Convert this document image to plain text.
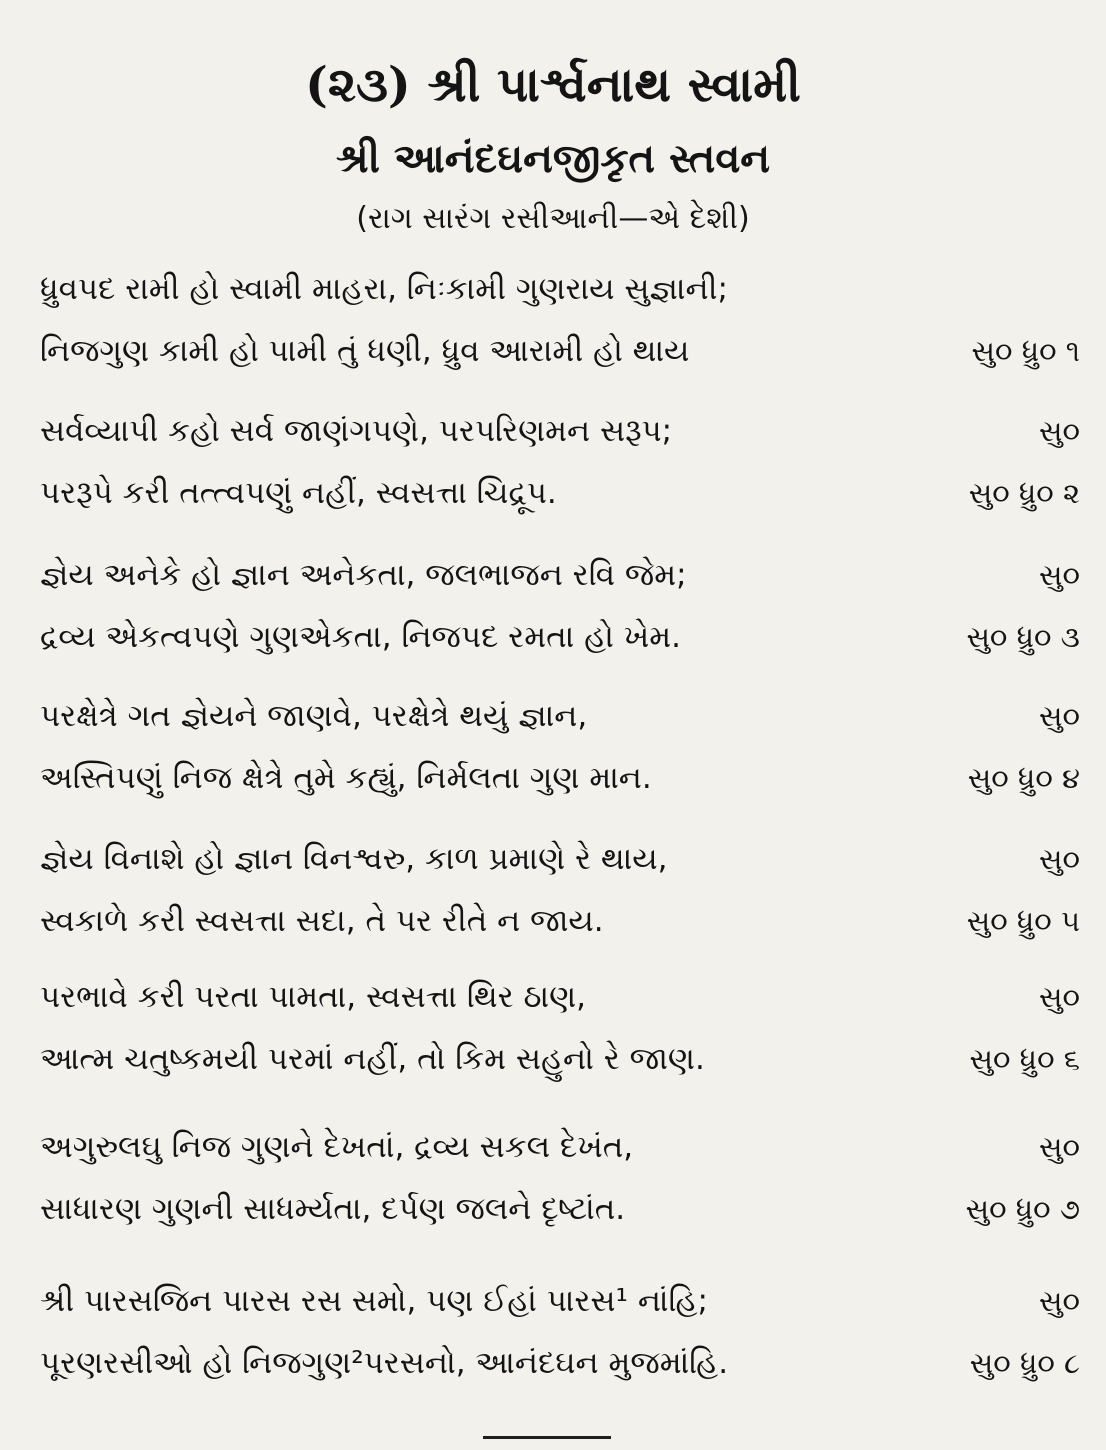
(૨૩) શ્રી પાર્શ્વનાથ સ્વામી
શ્રી આનંદઘનજીકૃત સ્તવન
(રાગ સારંગ રસીઆની—એ દેશી)
ધ્રુવપદ રામી હો સ્વામી માહરા, નિઃકામી ગુણરાય સુજ્ઞાની;
નિજગુણ કામી હો પામી તું ધણી, ધ્રુવ આરામી હો થાય	સુ૦ ધ્રુ૦ ૧
સર્વવ્યાપી કહો સર્વ જાણંગપણે, પરપરિણમન સરૂપ;	સુ૦
પરરૂપે કરી તત્ત્વપણું નહીં, સ્વસત્તા ચિદ્રૂપ.	સુ૦ ધ્રુ૦ ૨
જ્ઞેય અનેકે હો જ્ઞાન અનેકતા, જલભાજન રવિ જેમ;	સુ૦
દ્રવ્ય એકત્વપણે ગુણએકતા, નિજપદ રમતા હો ખેમ.	સુ૦ ધ્રુ૦ ૩
પરક્ષેત્રે ગત જ્ઞેયને જાણવે, પરક્ષેત્રે થયું જ્ઞાન,	સુ૦
અસ્તિપણું નિજ ક્ષેત્રે તુમે કહ્યું, નિર્મલતા ગુણ માન.	સુ૦ ધ્રુ૦ ૪
જ્ઞેય વિનાશે હો જ્ઞાન વિનશ્વરુ, કાળ પ્રમાણે રે થાય,	સુ૦
સ્વકાળે કરી સ્વસત્તા સદા, તે પર રીતે ન જાય.	સુ૦ ધ્રુ૦ ૫
પરભાવે કરી પરતા પામતા, સ્વસત્તા થિર ઠાણ,	સુ૦
આત્મ ચતુષ્કમયી પરમાં નહીં, તો કિમ સહુનો રે જાણ.	સુ૦ ધ્રુ૦ ૬
અગુરુલઘુ નિજ ગુણને દેખતાં, દ્રવ્ય સકલ દેખંત,	સુ૦
સાધારણ ગુણની સાધર્મ્યતા, દર્પણ જલને દૃષ્ટાંત.	સુ૦ ધ્રુ૦ ૭
શ્રી પારસજિન પારસ રસ સમો, પણ ઈહાં પારસ¹ નાંહિ;	સુ૦
પૂરણરસીઓ હો નિજગુણ²પરસનો, આનંદઘન મુજમાંહિ.	સુ૦ ધ્રુ૦ ૮
